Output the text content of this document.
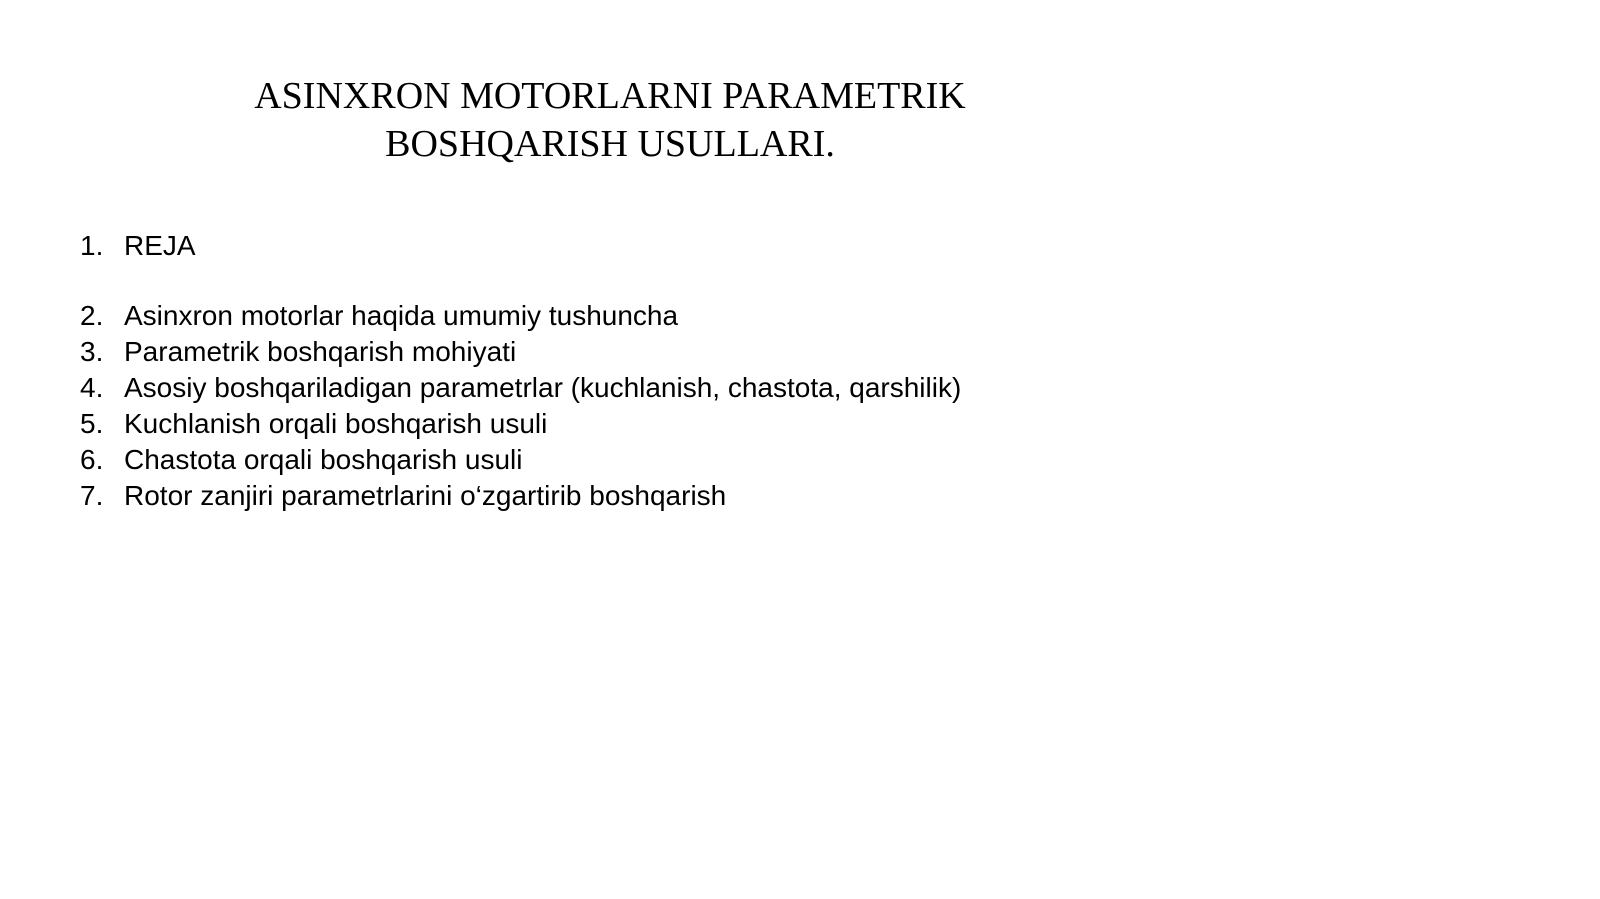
ASINXRON MOTORLARNI PARAMETRIK
BOSHQARISH USULLARI.
1. REJA
2. Asinxron motorlar haqida umumiy tushuncha
3. Parametrik boshqarish mohiyati
4. Asosiy boshqariladigan parametrlar (kuchlanish, chastota, qarshilik)
5. Kuchlanish orqali boshqarish usuli
6. Chastota orqali boshqarish usuli
7. Rotor zanjiri parametrlarini o‘zgartirib boshqarish
